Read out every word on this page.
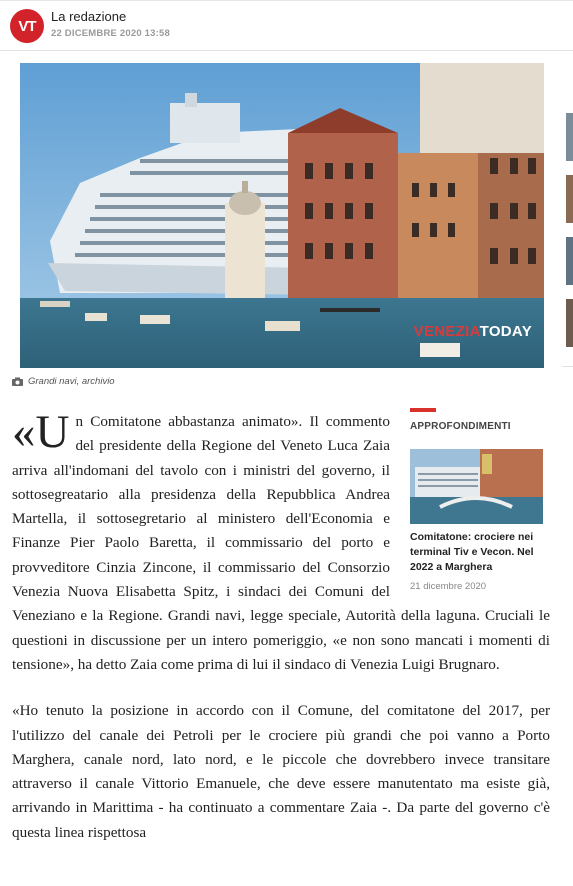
VT
La redazione
22 DICEMBRE 2020 13:58
VENEZIATODAY
Grandi navi, archivio
APPROFONDIMENTI
Comitatone: crociere nei terminal Tiv e Vecon. Nel 2022 a Marghera
21 dicembre 2020

«Un Comitatone abbastanza animato». Il commento del presidente della Regione del Veneto Luca Zaia arriva all'indomani del tavolo con i ministri del governo, il sottosegreatario alla presidenza della Repubblica Andrea Martella, il sottosegretario al ministero dell'Economia e Finanze Pier Paolo Baretta, il commissario del porto e provveditore Cinzia Zincone, il commissario del Consorzio Venezia Nuova Elisabetta Spitz, i sindaci dei Comuni del Veneziano e la Regione. Grandi navi, legge speciale, Autorità della laguna. Cruciali le questioni in discussione per un intero pomeriggio, «e non sono mancati i momenti di tensione», ha detto Zaia come prima di lui il sindaco di Venezia Luigi Brugnaro.

«Ho tenuto la posizione in accordo con il Comune, del comitatone del 2017, per l'utilizzo del canale dei Petroli per le crociere più grandi che poi vanno a Porto Marghera, canale nord, lato nord, e le piccole che dovrebbero invece transitare attraverso il canale Vittorio Emanuele, che deve essere manutentato ma esiste già, arrivando in Marittima - ha continuato a commentare Zaia -. Da parte del governo c'è questa linea rispettosa
